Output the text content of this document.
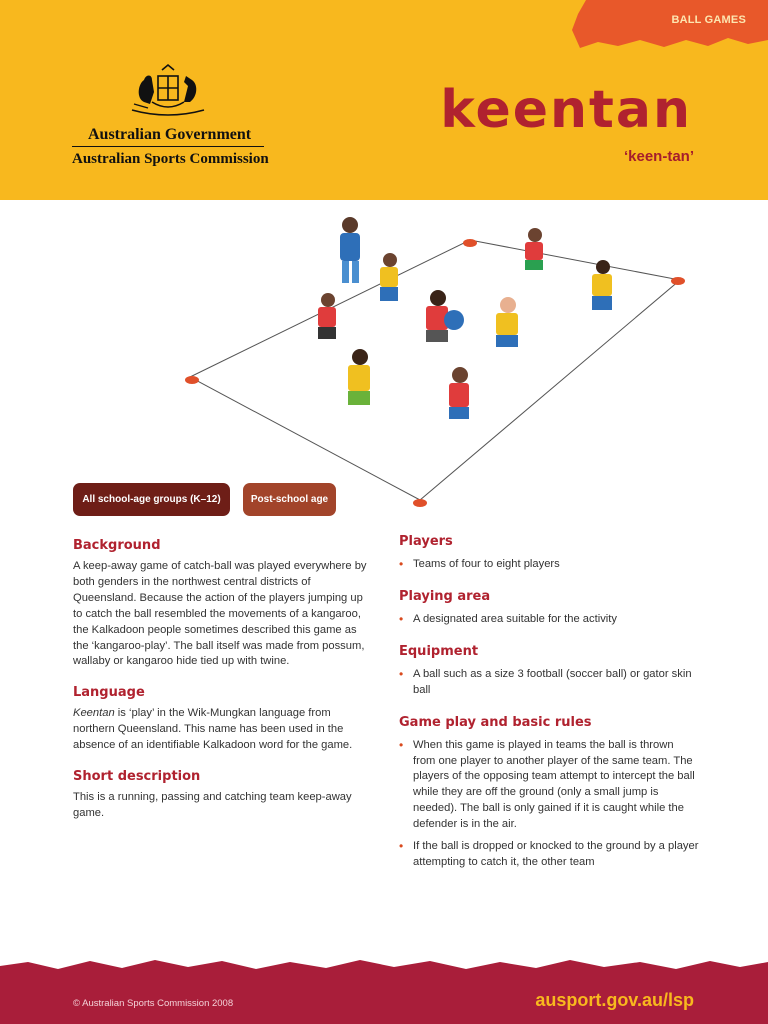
BALL GAMES
Australian Government
Australian Sports Commission
keentan
‘keen-tan’
All school-age groups (K–12)	Post-school age
Background

A keep-away game of catch-ball was played everywhere by both genders in the northwest central districts of Queensland. Because the action of the players jumping up to catch the ball resembled the movements of a kangaroo, the Kalkadoon people sometimes described this game as the ‘kangaroo-play’. The ball itself was made from possum, wallaby or kangaroo hide tied up with twine.

Language

Keentan is ‘play’ in the Wik-Mungkan language from northern Queensland. This name has been used in the absence of an identifiable Kalkadoon word for the game.

Short description

This is a running, passing and catching team keep-away game.

Players
• Teams of four to eight players
Playing area
• A designated area suitable for the activity
Equipment
• A ball such as a size 3 football (soccer ball) or gator skin ball
Game play and basic rules
• When this game is played in teams the ball is thrown from one player to another player of the same team. The players of the opposing team attempt to intercept the ball while they are off the ground (only a small jump is needed). The ball is only gained if it is caught while the defender is in the air.
• If the ball is dropped or knocked to the ground by a player attempting to catch it, the other team
© Australian Sports Commission 2008	ausport.gov.au/lsp
